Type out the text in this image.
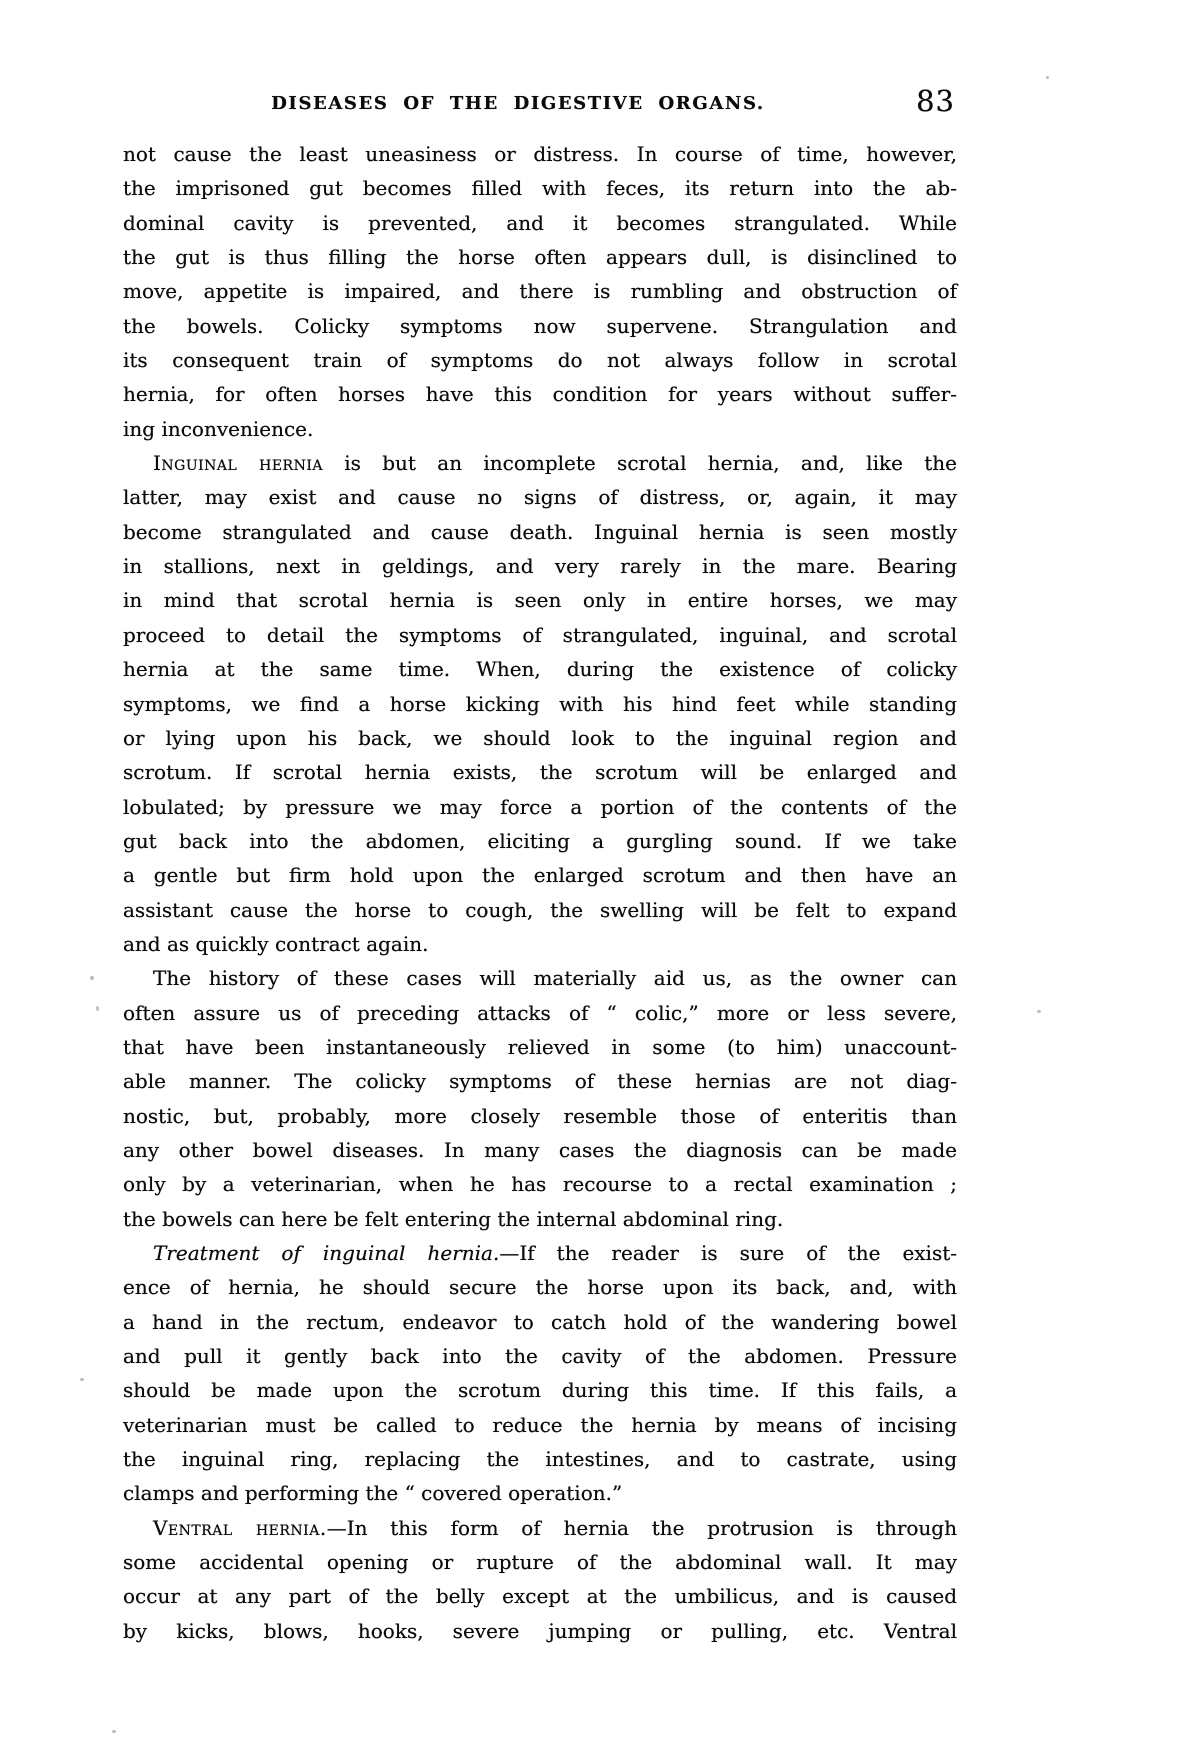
DISEASES OF THE DIGESTIVE ORGANS.	83
not cause the least uneasiness or distress. In course of time, however,
the imprisoned gut becomes filled with feces, its return into the ab-
dominal cavity is prevented, and it becomes strangulated. While
the gut is thus filling the horse often appears dull, is disinclined to
move, appetite is impaired, and there is rumbling and obstruction of
the bowels. Colicky symptoms now supervene. Strangulation and
its consequent train of symptoms do not always follow in scrotal
hernia, for often horses have this condition for years without suffer-
ing inconvenience.
Inguinal hernia is but an incomplete scrotal hernia, and, like the
latter, may exist and cause no signs of distress, or, again, it may
become strangulated and cause death. Inguinal hernia is seen mostly
in stallions, next in geldings, and very rarely in the mare. Bearing
in mind that scrotal hernia is seen only in entire horses, we may
proceed to detail the symptoms of strangulated, inguinal, and scrotal
hernia at the same time. When, during the existence of colicky
symptoms, we find a horse kicking with his hind feet while standing
or lying upon his back, we should look to the inguinal region and
scrotum. If scrotal hernia exists, the scrotum will be enlarged and
lobulated; by pressure we may force a portion of the contents of the
gut back into the abdomen, eliciting a gurgling sound. If we take
a gentle but firm hold upon the enlarged scrotum and then have an
assistant cause the horse to cough, the swelling will be felt to expand
and as quickly contract again.
The history of these cases will materially aid us, as the owner can
often assure us of preceding attacks of “ colic,” more or less severe,
that have been instantaneously relieved in some (to him) unaccount-
able manner. The colicky symptoms of these hernias are not diag-
nostic, but, probably, more closely resemble those of enteritis than
any other bowel diseases. In many cases the diagnosis can be made
only by a veterinarian, when he has recourse to a rectal examination ;
the bowels can here be felt entering the internal abdominal ring.
Treatment of inguinal hernia.—If the reader is sure of the exist-
ence of hernia, he should secure the horse upon its back, and, with
a hand in the rectum, endeavor to catch hold of the wandering bowel
and pull it gently back into the cavity of the abdomen. Pressure
should be made upon the scrotum during this time. If this fails, a
veterinarian must be called to reduce the hernia by means of incising
the inguinal ring, replacing the intestines, and to castrate, using
clamps and performing the “ covered operation.”
Ventral hernia.—In this form of hernia the protrusion is through
some accidental opening or rupture of the abdominal wall. It may
occur at any part of the belly except at the umbilicus, and is caused
by kicks, blows, hooks, severe jumping or pulling, etc. Ventral
